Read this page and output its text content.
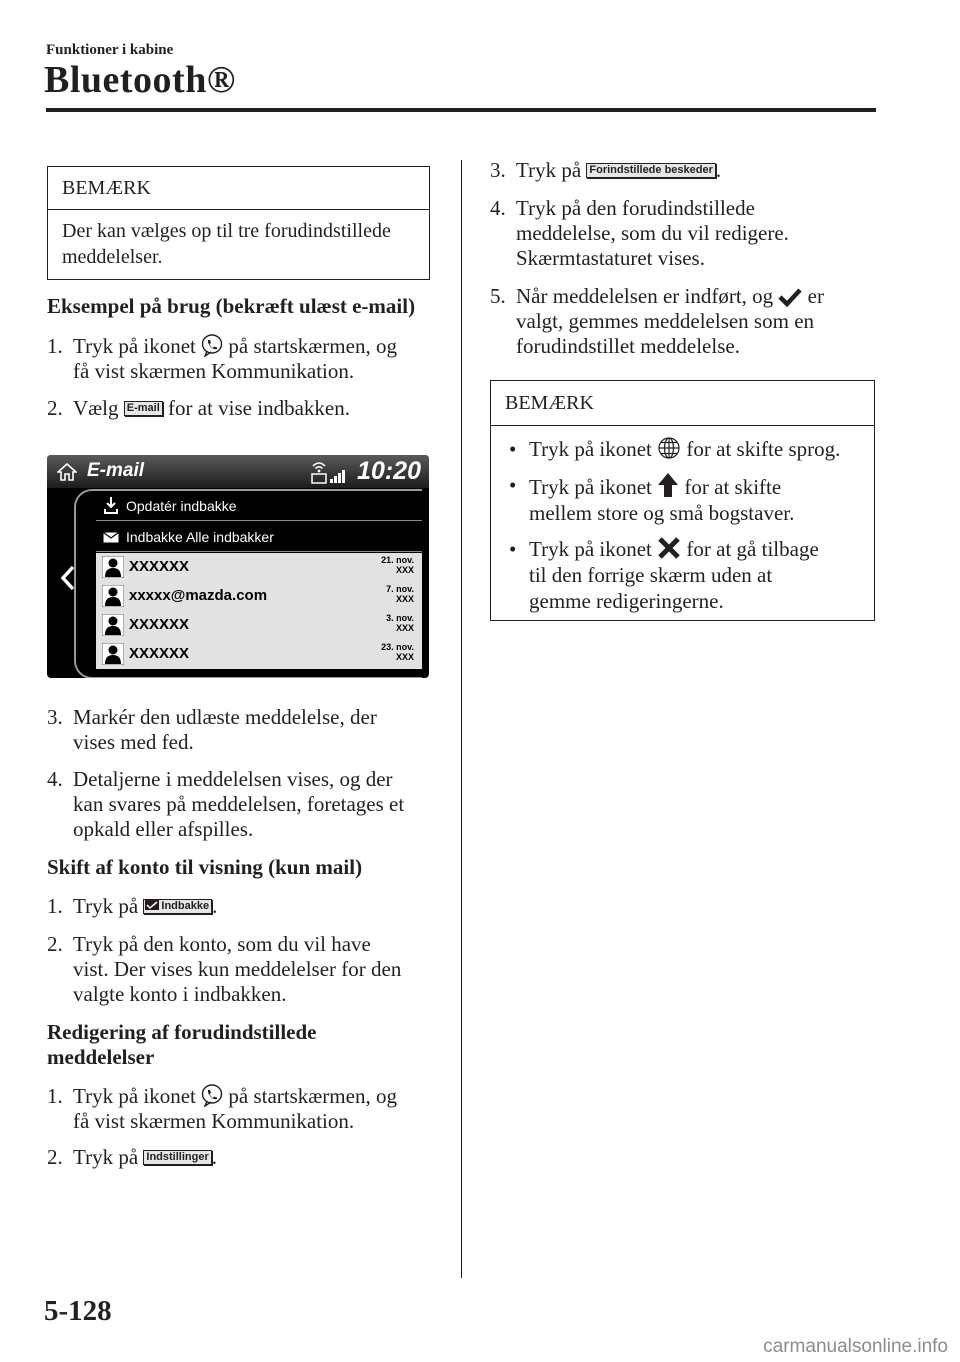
Funktioner i kabine
Bluetooth®
BEMÆRK
Der kan vælges op til tre forudindstillede meddelelser.
Eksempel på brug (bekræft ulæst e-mail)
1. Tryk på ikonet på startskærmen, og
få vist skærmen Kommunikation.
2. Vælg E-mail for at vise indbakken.
E-mail	10:20
Opdatér indbakke
Indbakke Alle indbakker
XXXXXX	21. nov.
XXX
xxxxx@mazda.com	7. nov.
XXX
XXXXXX	3. nov.
XXX
XXXXXX	23. nov.
XXX
3. Markér den udlæste meddelelse, der
vises med fed.
4. Detaljerne i meddelelsen vises, og der
kan svares på meddelelsen, foretages et
opkald eller afspilles.
Skift af konto til visning (kun mail)
1. Tryk på Indbakke .
2. Tryk på den konto, som du vil have
vist. Der vises kun meddelelser for den
valgte konto i indbakken.
Redigering af forudindstillede
meddelelser
1. Tryk på ikonet på startskærmen, og
få vist skærmen Kommunikation.
2. Tryk på Indstillinger .
3. Tryk på Forindstillede beskeder .
4. Tryk på den forudindstillede
meddelelse, som du vil redigere.
Skærmtastaturet vises.
5. Når meddelelsen er indført, og er
valgt, gemmes meddelelsen som en
forudindstillet meddelelse.
BEMÆRK
• Tryk på ikonet for at skifte sprog.
• Tryk på ikonet for at skifte
mellem store og små bogstaver.
• Tryk på ikonet for at gå tilbage
til den forrige skærm uden at
gemme redigeringerne.
5-128
carmanualsonline.info
